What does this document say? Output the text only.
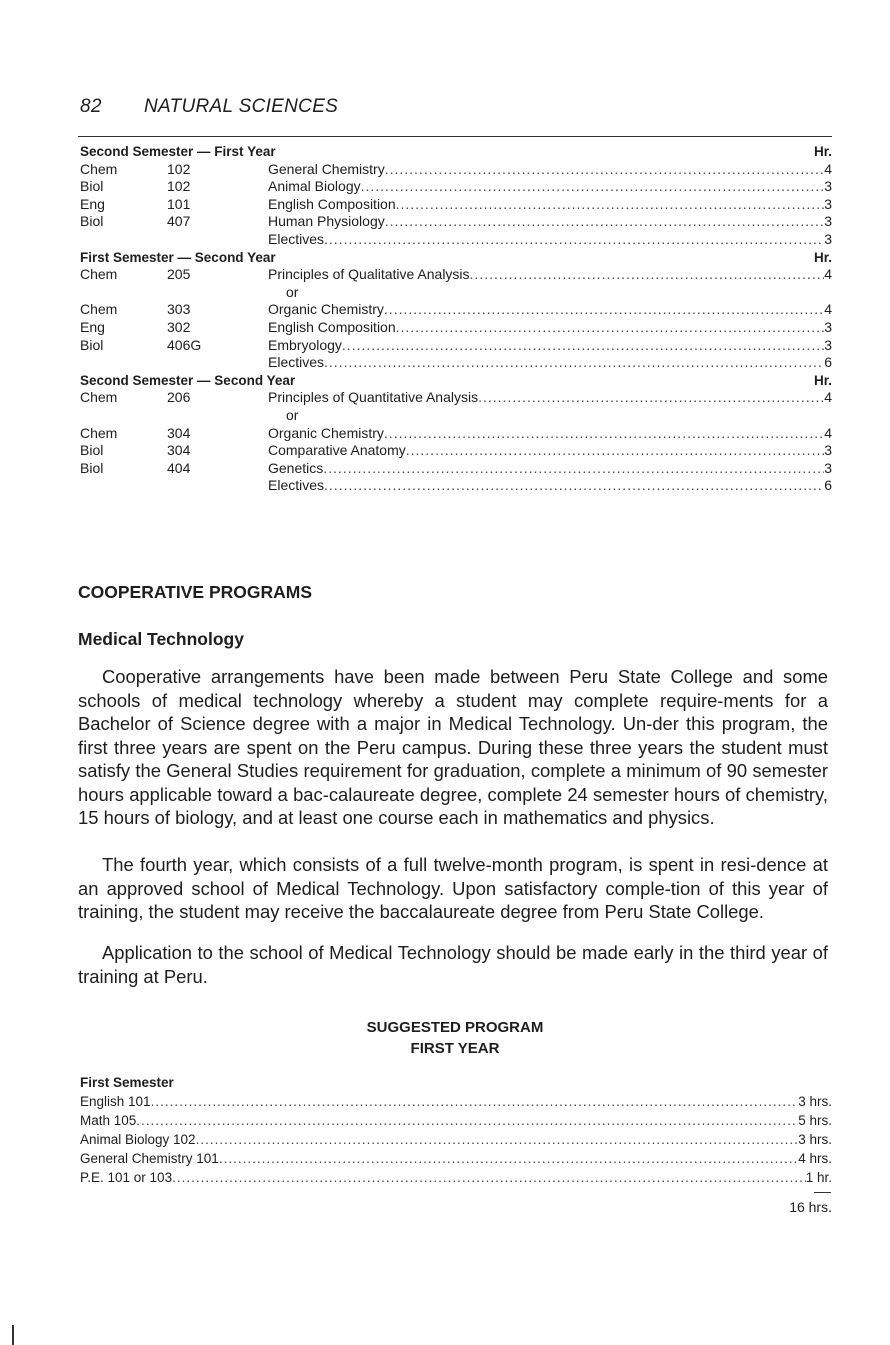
82 NATURAL SCIENCES
Second Semester — First Year	Hr.
Chem	102	General Chemistry .....	4
Biol	102	Animal Biology .....	3
Eng	101	English Composition .....	3
Biol	407	Human Physiology .....	3
Electives .....	3
First Semester — Second Year	Hr.
Chem	205	Principles of Qualitative Analysis .....	4
or
Chem	303	Organic Chemistry .....	4
Eng	302	English Composition .....	3
Biol	406G	Embryology .....	3
Electives .....	6
Second Semester — Second Year	Hr.
Chem	206	Principles of Quantitative Analysis .....	4
or
Chem	304	Organic Chemistry .....	4
Biol	304	Comparative Anatomy .....	3
Biol	404	Genetics .....	3
Electives .....	6
COOPERATIVE PROGRAMS
Medical Technology
Cooperative arrangements have been made between Peru State College and some schools of medical technology whereby a student may complete require-ments for a Bachelor of Science degree with a major in Medical Technology. Un-der this program, the first three years are spent on the Peru campus. During these three years the student must satisfy the General Studies requirement for graduation, complete a minimum of 90 semester hours applicable toward a bac-calaureate degree, complete 24 semester hours of chemistry, 15 hours of biology, and at least one course each in mathematics and physics.
The fourth year, which consists of a full twelve-month program, is spent in resi-dence at an approved school of Medical Technology. Upon satisfactory comple-tion of this year of training, the student may receive the baccalaureate degree from Peru State College.
Application to the school of Medical Technology should be made early in the third year of training at Peru.
SUGGESTED PROGRAM
FIRST YEAR
First Semester
English 101 .....	3 hrs.
Math 105 .....	5 hrs.
Animal Biology 102 .....	3 hrs.
General Chemistry 101 .....	4 hrs.
P.E. 101 or 103 .....	1 hr.
16 hrs.
